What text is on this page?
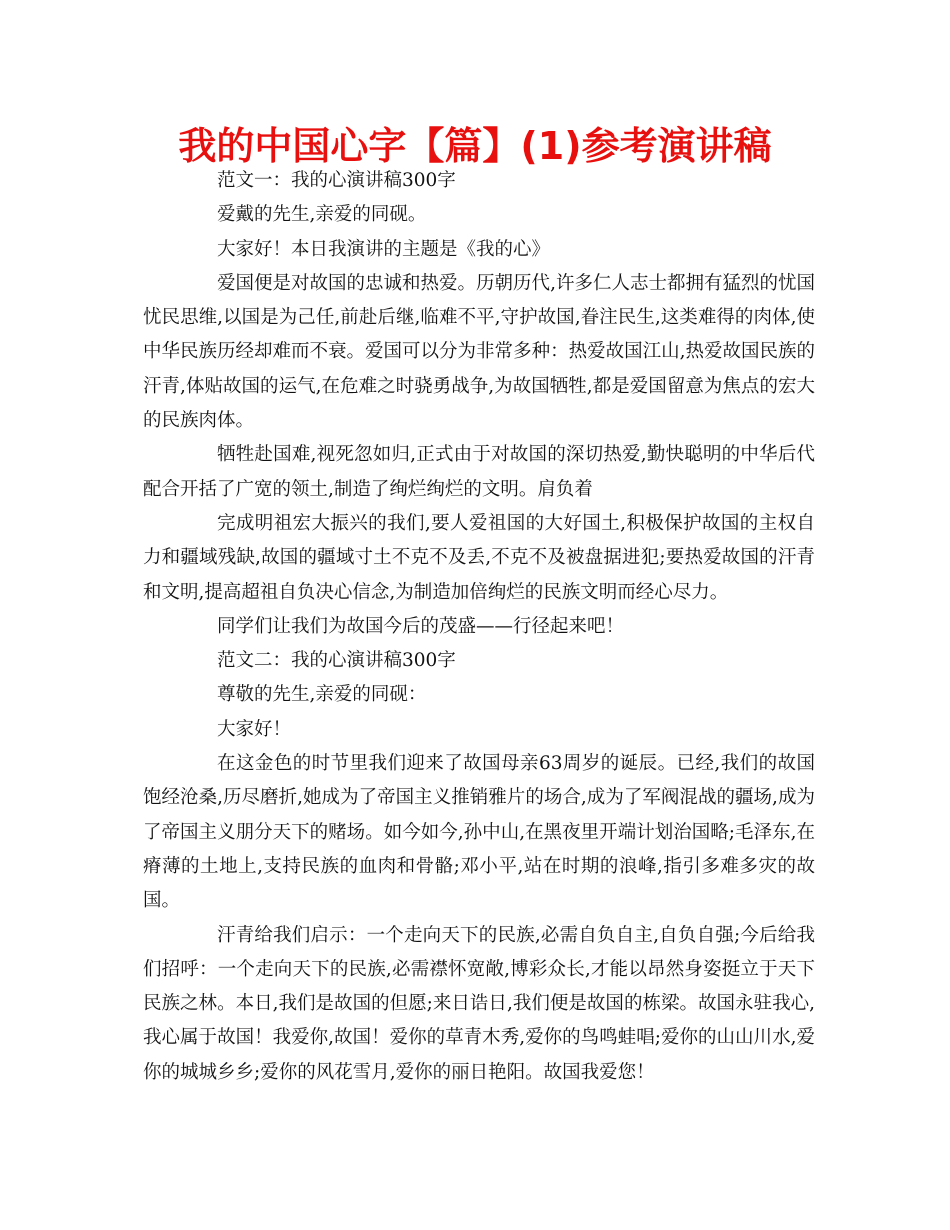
我的中国心字【篇】(1)参考演讲稿

范文一：我的心演讲稿300字

爱戴的先生,亲爱的同砚。

大家好！本日我演讲的主题是《我的心》

爱国便是对故国的忠诚和热爱。历朝历代,许多仁人志士都拥有猛烈的忧国忧民思维,以国是为己任,前赴后继,临难不平,守护故国,眷注民生,这类难得的肉体,使中华民族历经却难而不衰。爱国可以分为非常多种：热爱故国江山,热爱故国民族的汗青,体贴故国的运气,在危难之时骁勇战争,为故国牺牲,都是爱国留意为焦点的宏大的民族肉体。

牺牲赴国难,视死忽如归,正式由于对故国的深切热爱,勤快聪明的中华后代配合开括了广宽的领土,制造了绚烂绚烂的文明。肩负着

完成明祖宏大振兴的我们,要人爱祖国的大好国土,积极保护故国的主权自力和疆域残缺,故国的疆域寸土不克不及丢,不克不及被盘据进犯;要热爱故国的汗青和文明,提高超祖自负决心信念,为制造加倍绚烂的民族文明而经心尽力。

同学们让我们为故国今后的茂盛——行径起来吧！

范文二：我的心演讲稿300字

尊敬的先生,亲爱的同砚：

大家好！

在这金色的时节里我们迎来了故国母亲63周岁的诞辰。已经,我们的故国饱经沧桑,历尽磨折,她成为了帝国主义推销雅片的场合,成为了军阀混战的疆场,成为了帝国主义朋分天下的赌场。如今如今,孙中山,在黑夜里开端计划治国略;毛泽东,在瘠薄的土地上,支持民族的血肉和骨骼;邓小平,站在时期的浪峰,指引多难多灾的故国。

汗青给我们启示：一个走向天下的民族,必需自负自主,自负自强;今后给我们招呼：一个走向天下的民族,必需襟怀宽敞,博彩众长,才能以昂然身姿挺立于天下民族之林。本日,我们是故国的但愿;来日诰日,我们便是故国的栋梁。故国永驻我心,我心属于故国！我爱你,故国！爱你的草青木秀,爱你的鸟鸣蛙唱;爱你的山山川水,爱你的城城乡乡;爱你的风花雪月,爱你的丽日艳阳。故国我爱您！
